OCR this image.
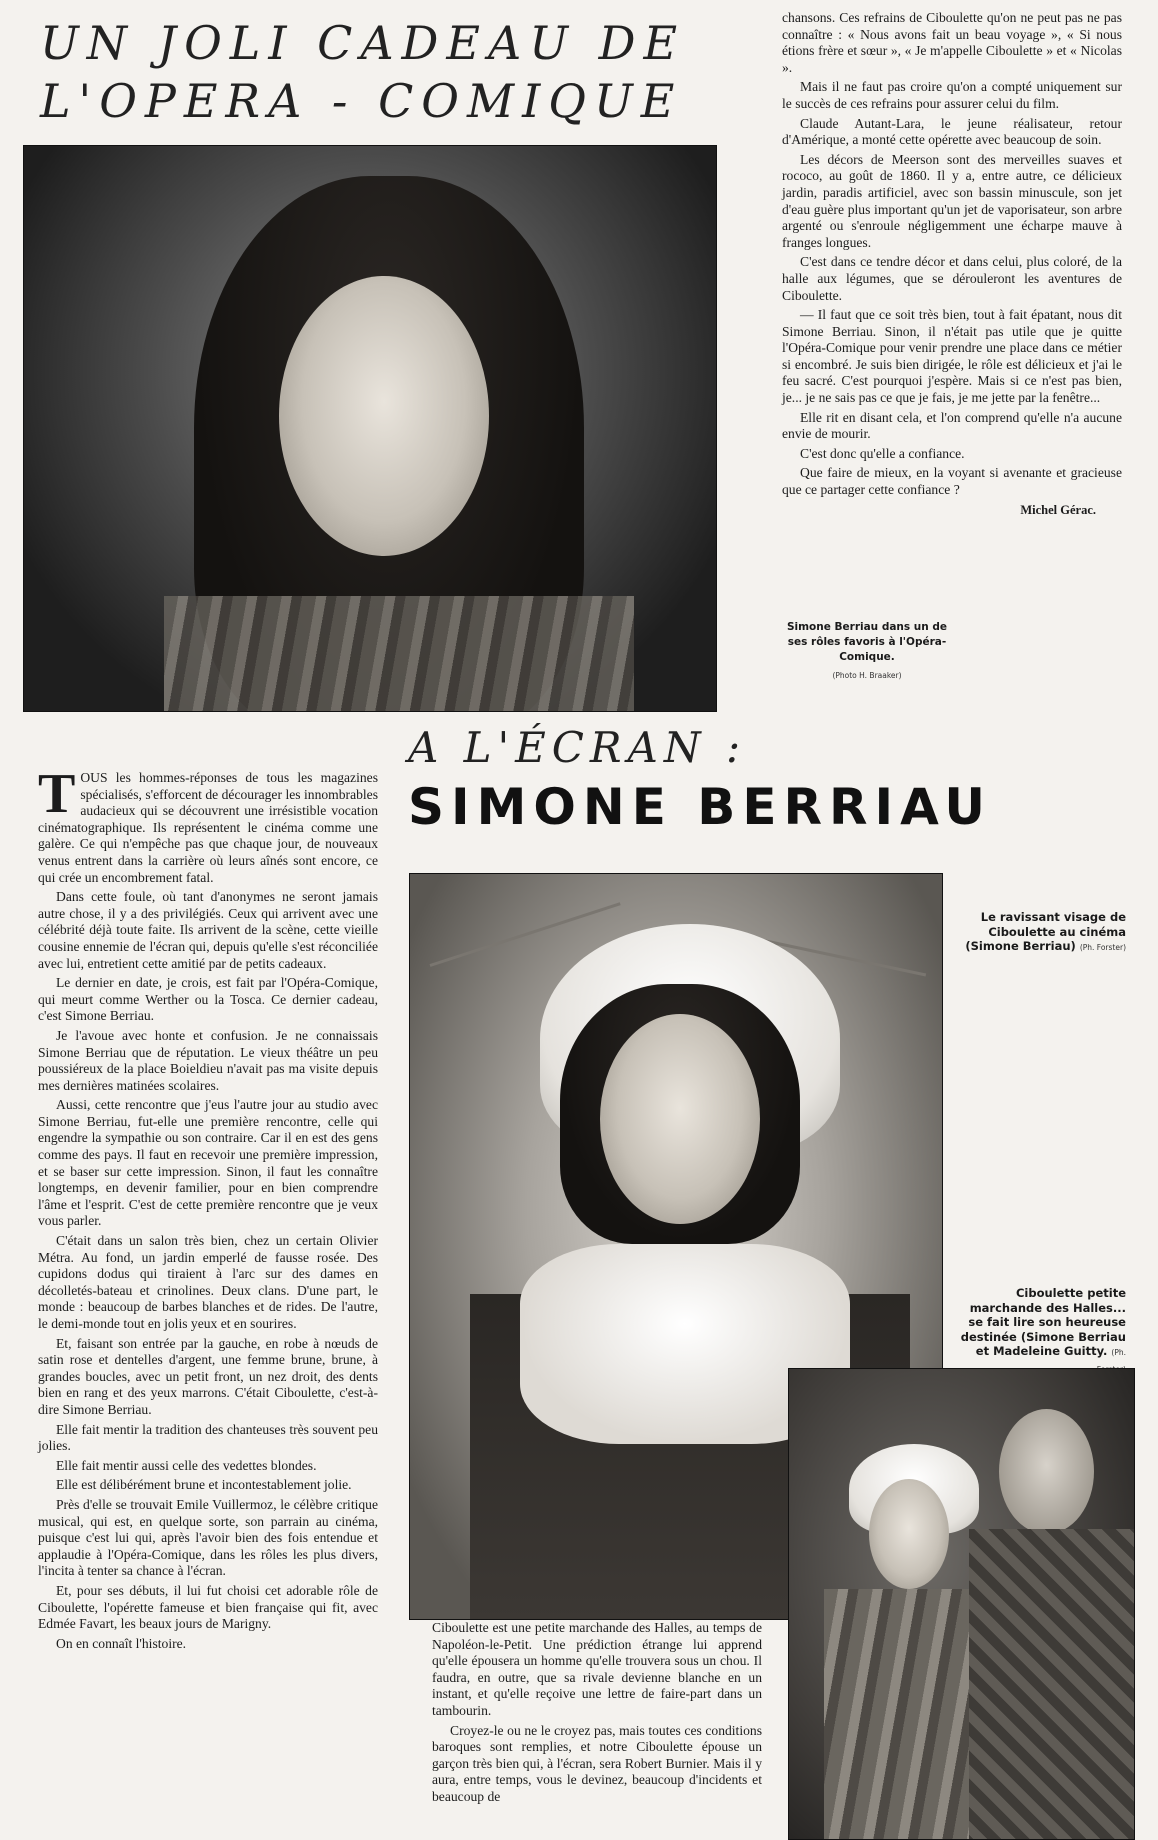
UN JOLI CADEAU DE
L'OPERA - COMIQUE

chansons. Ces refrains de Ciboulette qu'on ne peut pas ne pas connaître : « Nous avons fait un beau voyage », « Si nous étions frère et sœur », « Je m'appelle Ciboulette » et « Nicolas ».

Mais il ne faut pas croire qu'on a compté uniquement sur le succès de ces refrains pour assurer celui du film.

Claude Autant-Lara, le jeune réalisateur, retour d'Amérique, a monté cette opérette avec beaucoup de soin.

Les décors de Meerson sont des merveilles suaves et rococo, au goût de 1860. Il y a, entre autre, ce délicieux jardin, paradis artificiel, avec son bassin minuscule, son jet d'eau guère plus important qu'un jet de vaporisateur, son arbre argenté ou s'enroule négligemment une écharpe mauve à franges longues.

C'est dans ce tendre décor et dans celui, plus coloré, de la halle aux légumes, que se dérouleront les aventures de Ciboulette.

— Il faut que ce soit très bien, tout à fait épatant, nous dit Simone Berriau. Sinon, il n'était pas utile que je quitte l'Opéra-Comique pour venir prendre une place dans ce métier si encombré. Je suis bien dirigée, le rôle est délicieux et j'ai le feu sacré. C'est pourquoi j'espère. Mais si ce n'est pas bien, je... je ne sais pas ce que je fais, je me jette par la fenêtre...

Elle rit en disant cela, et l'on comprend qu'elle n'a aucune envie de mourir.

C'est donc qu'elle a confiance.

Que faire de mieux, en la voyant si avenante et gracieuse que ce partager cette confiance ?

Michel Gérac.

Simone Berriau dans un de ses rôles favoris à l'Opéra-Comique.

(Photo H. Braaker)
A L'ÉCRAN :
SIMONE BERRIAU

TOUS les hommes-réponses de tous les magazines spécialisés, s'efforcent de décourager les innombrables audacieux qui se découvrent une irrésistible vocation cinématographique. Ils représentent le cinéma comme une galère. Ce qui n'empêche pas que chaque jour, de nouveaux venus entrent dans la carrière où leurs aînés sont encore, ce qui crée un encombrement fatal.

Dans cette foule, où tant d'anonymes ne seront jamais autre chose, il y a des privilégiés. Ceux qui arrivent avec une célébrité déjà toute faite. Ils arrivent de la scène, cette vieille cousine ennemie de l'écran qui, depuis qu'elle s'est réconciliée avec lui, entretient cette amitié par de petits cadeaux.

Le dernier en date, je crois, est fait par l'Opéra-Comique, qui meurt comme Werther ou la Tosca. Ce dernier cadeau, c'est Simone Berriau.

Je l'avoue avec honte et confusion. Je ne connaissais Simone Berriau que de réputation. Le vieux théâtre un peu poussiéreux de la place Boieldieu n'avait pas ma visite depuis mes dernières matinées scolaires.

Aussi, cette rencontre que j'eus l'autre jour au studio avec Simone Berriau, fut-elle une première rencontre, celle qui engendre la sympathie ou son contraire. Car il en est des gens comme des pays. Il faut en recevoir une première impression, et se baser sur cette impression. Sinon, il faut les connaître longtemps, en devenir familier, pour en bien comprendre l'âme et l'esprit. C'est de cette première rencontre que je veux vous parler.

C'était dans un salon très bien, chez un certain Olivier Métra. Au fond, un jardin emperlé de fausse rosée. Des cupidons dodus qui tiraient à l'arc sur des dames en décolletés-bateau et crinolines. Deux clans. D'une part, le monde : beaucoup de barbes blanches et de rides. De l'autre, le demi-monde tout en jolis yeux et en sourires.

Et, faisant son entrée par la gauche, en robe à nœuds de satin rose et dentelles d'argent, une femme brune, brune, à grandes boucles, avec un petit front, un nez droit, des dents bien en rang et des yeux marrons. C'était Ciboulette, c'est-à-dire Simone Berriau.

Elle fait mentir la tradition des chanteuses très souvent peu jolies.

Elle fait mentir aussi celle des vedettes blondes.

Elle est délibérément brune et incontestablement jolie.

Près d'elle se trouvait Emile Vuillermoz, le célèbre critique musical, qui est, en quelque sorte, son parrain au cinéma, puisque c'est lui qui, après l'avoir bien des fois entendue et applaudie à l'Opéra-Comique, dans les rôles les plus divers, l'incita à tenter sa chance à l'écran.

Et, pour ses débuts, il lui fut choisi cet adorable rôle de Ciboulette, l'opérette fameuse et bien française qui fit, avec Edmée Favart, les beaux jours de Marigny.

On en connaît l'histoire.

Le ravissant visage de Ciboulette au cinéma (Simone Berriau) (Ph. Forster)

Ciboulette petite marchande des Halles... se fait lire son heureuse destinée (Simone Berriau et Madeleine Guitty. (Ph.

Ciboulette est une petite marchande des Halles, au temps de Napoléon-le-Petit. Une prédiction étrange lui apprend qu'elle épousera un homme qu'elle trouvera sous un chou. Il faudra, en outre, que sa rivale devienne blanche en un instant, et qu'elle reçoive une lettre de faire-part dans un tambourin.

Croyez-le ou ne le croyez pas, mais toutes ces conditions baroques sont remplies, et notre Ciboulette épouse un garçon très bien qui, à l'écran, sera Robert Burnier. Mais il y aura, entre temps, vous le devinez, beaucoup d'incidents et beaucoup de
